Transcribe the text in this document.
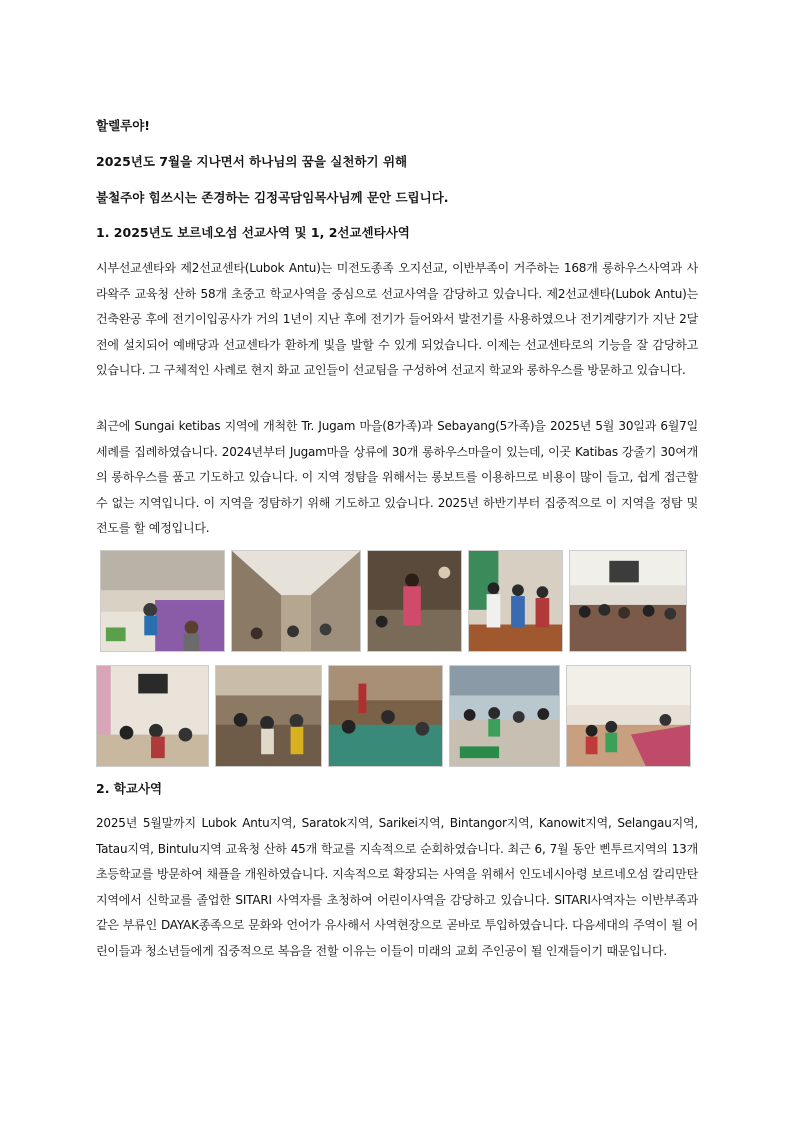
할렐루야!
2025년도 7월을 지나면서 하나님의 꿈을 실천하기 위해
불철주야 힘쓰시는 존경하는 김정곡담임목사님께 문안 드립니다.
1. 2025년도 보르네오섬 선교사역 및 1, 2선교센타사역
시부선교센타와 제2선교센타(Lubok Antu)는 미전도종족 오지선교, 이반부족이 거주하는 168개 롱하우스사역과 사라왁주 교육청 산하 58개 초중고 학교사역을 중심으로 선교사역을 감당하고 있습니다. 제2선교센타(Lubok Antu)는 건축완공 후에 전기이입공사가 거의 1년이 지난 후에 전기가 들어와서 발전기를 사용하였으나 전기계량기가 지난 2달전에 설치되어 예배당과 선교센타가 환하게 빛을 발할 수 있게 되었습니다. 이제는 선교센타로의 기능을 잘 감당하고 있습니다. 그 구체적인 사례로 현지 화교 교인들이 선교팀을 구성하여 선교지 학교와 롱하우스를 방문하고 있습니다.
최근에 Sungai ketibas 지역에 개척한 Tr. Jugam 마을(8가족)과 Sebayang(5가족)을 2025년 5월 30일과 6월7일 세례를 집례하였습니다. 2024년부터 Jugam마을 상류에 30개 롱하우스마을이 있는데, 이곳 Katibas 강줄기 30여개의 롱하우스를 품고 기도하고 있습니다. 이 지역 정탐을 위해서는 롱보트를 이용하므로 비용이 많이 들고, 쉽게 접근할 수 없는 지역입니다. 이 지역을 정탐하기 위해 기도하고 있습니다. 2025년 하반기부터 집중적으로 이 지역을 정탐 및 전도를 할 예정입니다.
2. 학교사역
2025년 5월말까지 Lubok Antu지역, Saratok지역, Sarikei지역, Bintangor지역, Kanowit지역, Selangau지역, Tatau지역, Bintulu지역 교육청 산하 45개 학교를 지속적으로 순회하였습니다. 최근 6, 7월 동안 삔투르지역의 13개 초등학교를 방문하여 채플을 개원하였습니다. 지속적으로 확장되는 사역을 위해서 인도네시아령 보르네오섬 칼리만탄지역에서 신학교를 졸업한 SITARI 사역자를 초청하여 어린이사역을 감당하고 있습니다. SITARI사역자는 이반부족과 같은 부류인 DAYAK종족으로 문화와 언어가 유사해서 사역현장으로 곧바로 투입하였습니다. 다음세대의 주역이 될 어린이들과 청소년들에게 집중적으로 복음을 전할 이유는 이들이 미래의 교회 주인공이 될 인재들이기 때문입니다.
